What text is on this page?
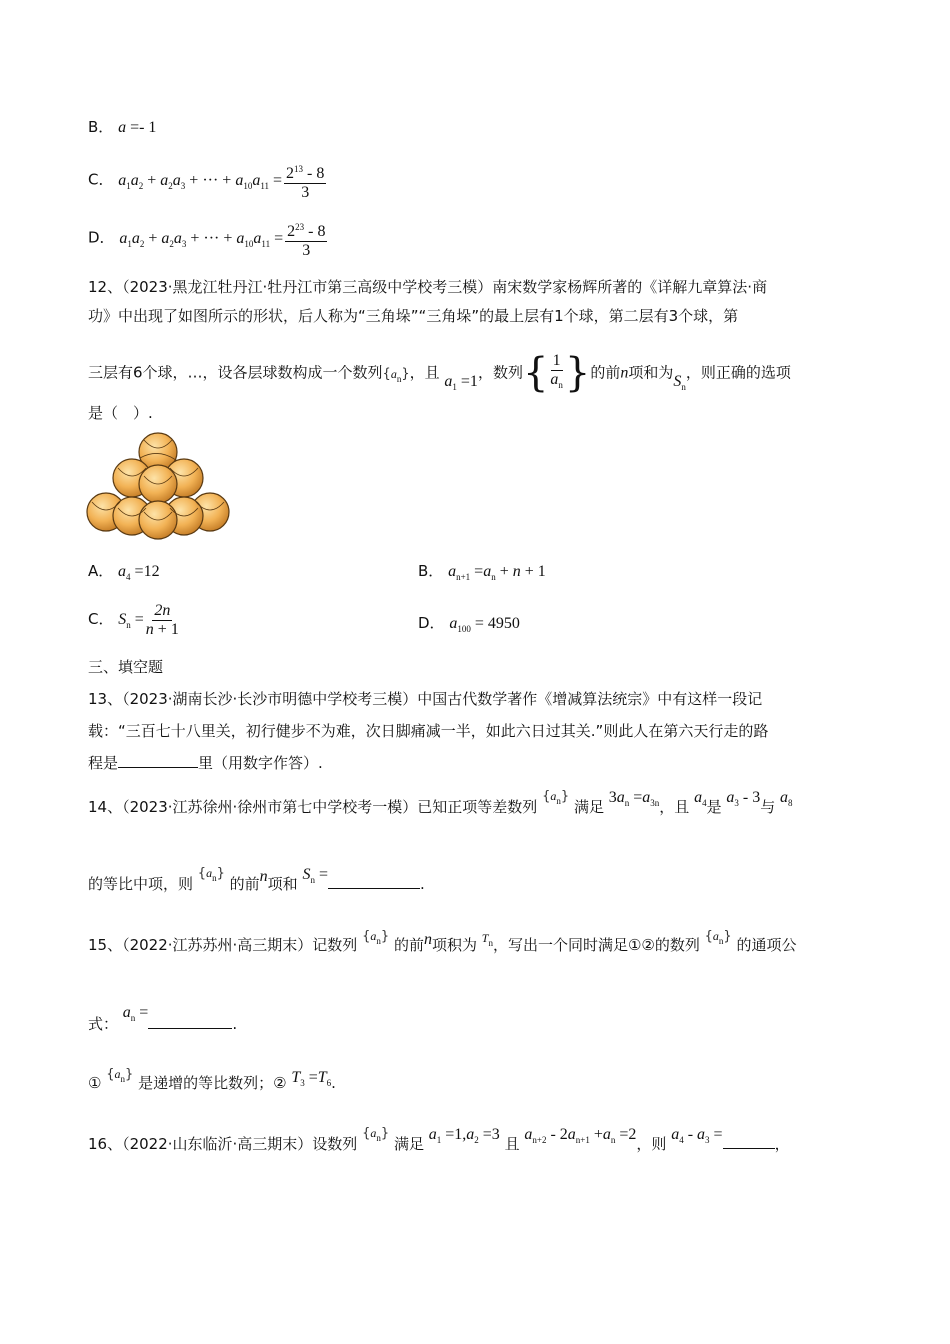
B． a =- 1
C． $a_1a_2 + a_2a_3$ + ··· + $a_{10}a_{11} = \frac{2^{13} - 8}{3}$
D． $a_1a_2 + a_2a_3$ + ··· + $a_{10}a_{11} = \frac{2^{23} - 8}{3}$
12、（2023·黑龙江牡丹江·牡丹江市第三高级中学校考三模）南宋数学家杨辉所著的《详解九章算法·商
功》中出现了如图所示的形状，后人称为“三角垛”“三角垛”的最上层有1个球，第二层有3个球，第
三层有6个球，…，设各层球数构成一个数列$\{a_n\}$，且 $a_1 =1$，数列 { $\frac{1}{a_n}$ } 的前n项和为$S_n$，则正确的选项
是（　）.
A． $a_4 =12$	B． $a_{n+1} =a_n + n + 1$
C． $S_n = \frac{2n}{n + 1}$	D． $a_{100} = 4950$
三、填空题
13、（2023·湖南长沙·长沙市明德中学校考三模）中国古代数学著作《增减算法统宗》中有这样一段记
载：“三百七十八里关，初行健步不为难，次日脚痛减一半，如此六日过其关.”则此人在第六天行走的路
程是	里（用数字作答）.
14、（2023·江苏徐州·徐州市第七中学校考一模）已知正项等差数列 $\{a_n\}$ 满足 $3a_n =a_{3n}$，且 $a_4$是 $a_3 - 3$与 $a_8$
的等比中项，则 $\{a_n\}$ 的前n项和 $S_n$ =.
15、（2022·江苏苏州·高三期末）记数列 $\{a_n\}$ 的前n项积为 $^{T_n}$，写出一个同时满足①②的数列 $\{a_n\}$ 的通项公
式： $a_n$ =.
① $\{a_n\}$ 是递增的等比数列；② $T_3 =T_6$.
16、（2022·山东临沂·高三期末）设数列 $\{a_n\}$ 满足 $a_1 =1,a_2 =3$ 且 $a_{n+2} - 2a_{n+1} +a_n =2$，则 $a_4 - a_3$ =，
